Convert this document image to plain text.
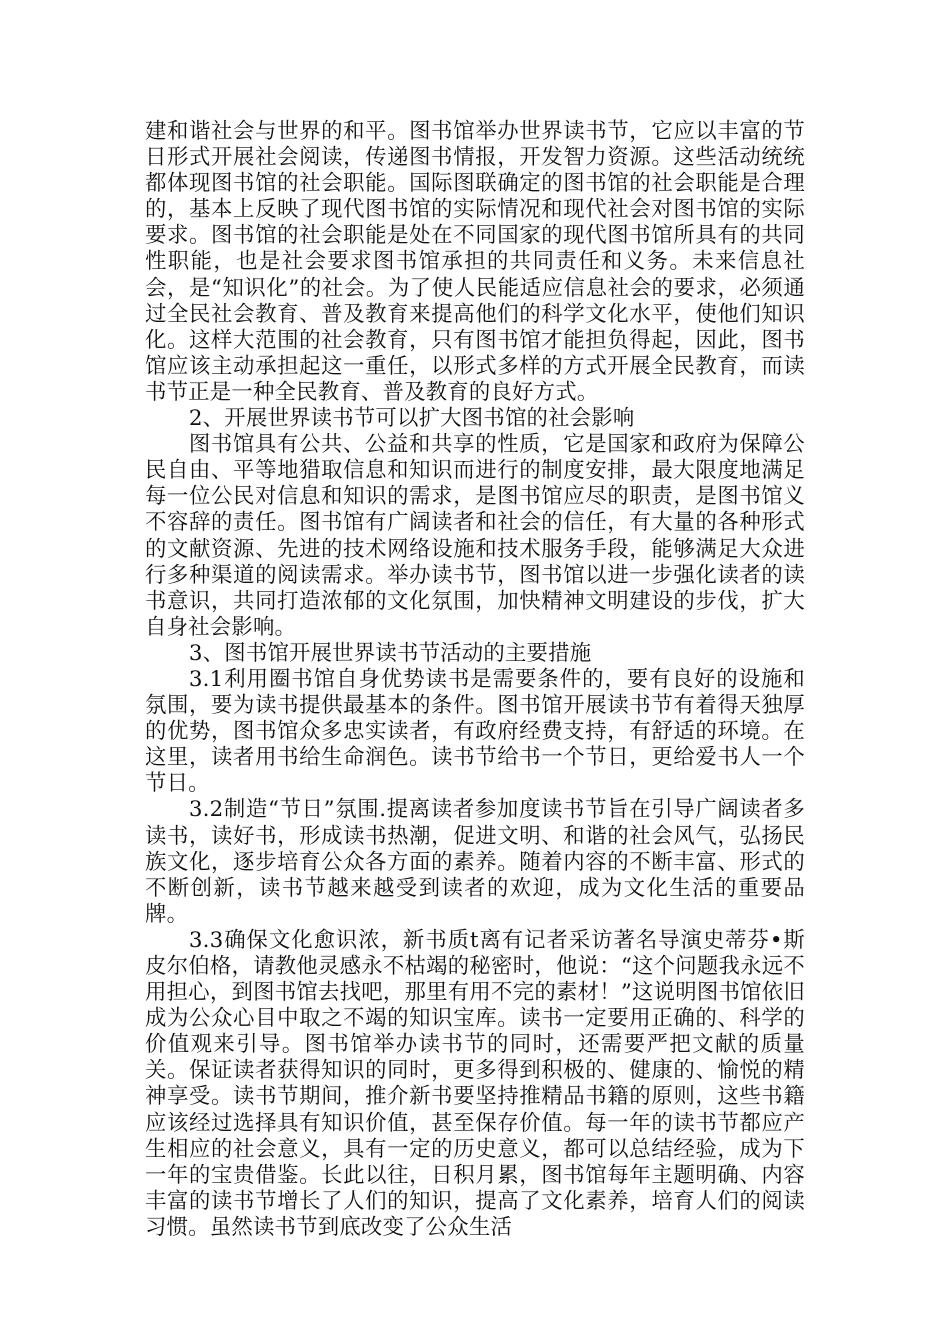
建和谐社会与世界的和平。图书馆举办世界读书节，它应以丰富的节日形式开展社会阅读，传递图书情报，开发智力资源。这些活动统统都体现图书馆的社会职能。国际图联确定的图书馆的社会职能是合理的，基本上反映了现代图书馆的实际情况和现代社会对图书馆的实际要求。图书馆的社会职能是处在不同国家的现代图书馆所具有的共同性职能，也是社会要求图书馆承担的共同责任和义务。未来信息社会，是“知识化”的社会。为了使人民能适应信息社会的要求，必须通过全民社会教育、普及教育来提高他们的科学文化水平，使他们知识化。这样大范围的社会教育，只有图书馆才能担负得起，因此，图书馆应该主动承担起这一重任，以形式多样的方式开展全民教育，而读书节正是一种全民教育、普及教育的良好方式。

2、开展世界读书节可以扩大图书馆的社会影响

图书馆具有公共、公益和共享的性质，它是国家和政府为保障公民自由、平等地猎取信息和知识而进行的制度安排，最大限度地满足每一位公民对信息和知识的需求，是图书馆应尽的职责，是图书馆义不容辞的责任。图书馆有广阔读者和社会的信任，有大量的各种形式的文献资源、先进的技术网络设施和技术服务手段，能够满足大众进行多种渠道的阅读需求。举办读书节，图书馆以进一步强化读者的读书意识，共同打造浓郁的文化氛围，加快精神文明建设的步伐，扩大自身社会影响。

3、图书馆开展世界读书节活动的主要措施

3.1利用圈书馆自身优势读书是需要条件的，要有良好的设施和氛围，要为读书提供最基本的条件。图书馆开展读书节有着得天独厚的优势，图书馆众多忠实读者，有政府经费支持，有舒适的环境。在这里，读者用书给生命润色。读书节给书一个节日，更给爱书人一个节日。

3.2制造“节日”氛围.提离读者参加度读书节旨在引导广阔读者多读书，读好书，形成读书热潮，促进文明、和谐的社会风气，弘扬民族文化，逐步培育公众各方面的素养。随着内容的不断丰富、形式的不断创新，读书节越来越受到读者的欢迎，成为文化生活的重要品牌。

3.3确保文化愈识浓，新书质t离有记者采访著名导演史蒂芬•斯皮尔伯格，请教他灵感永不枯竭的秘密时，他说：“这个问题我永远不用担心，到图书馆去找吧，那里有用不完的素材！”这说明图书馆依旧成为公众心目中取之不竭的知识宝库。读书一定要用正确的、科学的价值观来引导。图书馆举办读书节的同时，还需要严把文献的质量关。保证读者获得知识的同时，更多得到积极的、健康的、愉悦的精神享受。读书节期间，推介新书要坚持推精品书籍的原则，这些书籍应该经过选择具有知识价值，甚至保存价值。每一年的读书节都应产生相应的社会意义，具有一定的历史意义，都可以总结经验，成为下一年的宝贵借鉴。长此以往，日积月累，图书馆每年主题明确、内容丰富的读书节增长了人们的知识，提高了文化素养，培育人们的阅读习惯。虽然读书节到底改变了公众生活
